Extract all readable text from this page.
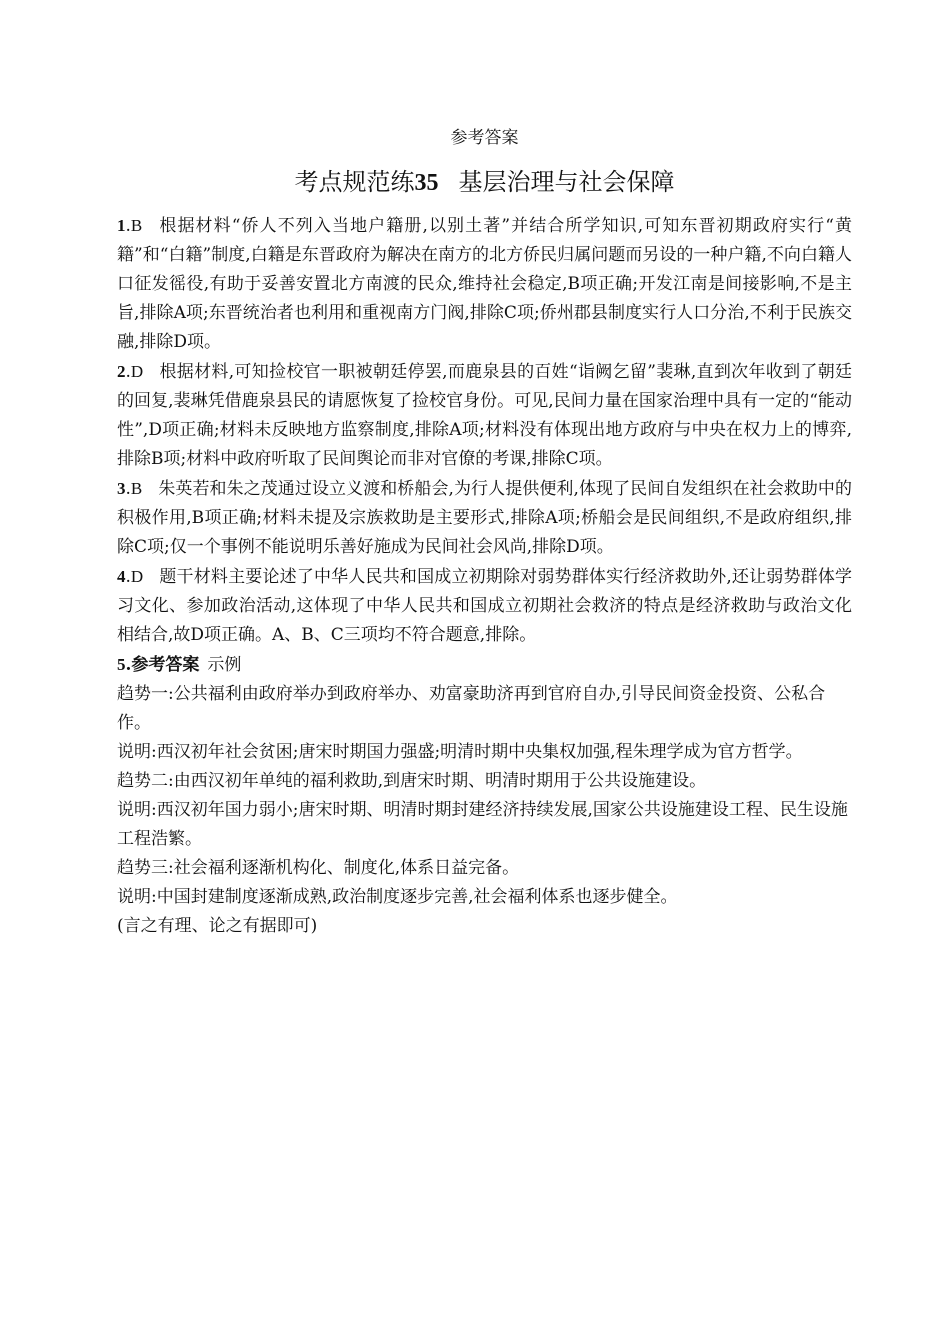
参考答案
考点规范练35 基层治理与社会保障
1.B 根据材料“侨人不列入当地户籍册,以别土著”并结合所学知识,可知东晋初期政府实行“黄籍”和“白籍”制度,白籍是东晋政府为解决在南方的北方侨民归属问题而另设的一种户籍,不向白籍人口征发徭役,有助于妥善安置北方南渡的民众,维持社会稳定,B项正确;开发江南是间接影响,不是主旨,排除A项;东晋统治者也利用和重视南方门阀,排除C项;侨州郡县制度实行人口分治,不利于民族交融,排除D项。
2.D 根据材料,可知捡校官一职被朝廷停罢,而鹿泉县的百姓“诣阙乞留”裴琳,直到次年收到了朝廷的回复,裴琳凭借鹿泉县民的请愿恢复了捡校官身份。可见,民间力量在国家治理中具有一定的“能动性”,D项正确;材料未反映地方监察制度,排除A项;材料没有体现出地方政府与中央在权力上的博弈,排除B项;材料中政府听取了民间舆论而非对官僚的考课,排除C项。
3.B 朱英若和朱之茂通过设立义渡和桥船会,为行人提供便利,体现了民间自发组织在社会救助中的积极作用,B项正确;材料未提及宗族救助是主要形式,排除A项;桥船会是民间组织,不是政府组织,排除C项;仅一个事例不能说明乐善好施成为民间社会风尚,排除D项。
4.D 题干材料主要论述了中华人民共和国成立初期除对弱势群体实行经济救助外,还让弱势群体学习文化、参加政治活动,这体现了中华人民共和国成立初期社会救济的特点是经济救助与政治文化相结合,故D项正确。A、B、C三项均不符合题意,排除。
5.参考答案 示例

趋势一:公共福利由政府举办到政府举办、劝富豪助济再到官府自办,引导民间资金投资、公私合作。

说明:西汉初年社会贫困;唐宋时期国力强盛;明清时期中央集权加强,程朱理学成为官方哲学。

趋势二:由西汉初年单纯的福利救助,到唐宋时期、明清时期用于公共设施建设。

说明:西汉初年国力弱小;唐宋时期、明清时期封建经济持续发展,国家公共设施建设工程、民生设施工程浩繁。

趋势三:社会福利逐渐机构化、制度化,体系日益完备。

说明:中国封建制度逐渐成熟,政治制度逐步完善,社会福利体系也逐步健全。

(言之有理、论之有据即可)
